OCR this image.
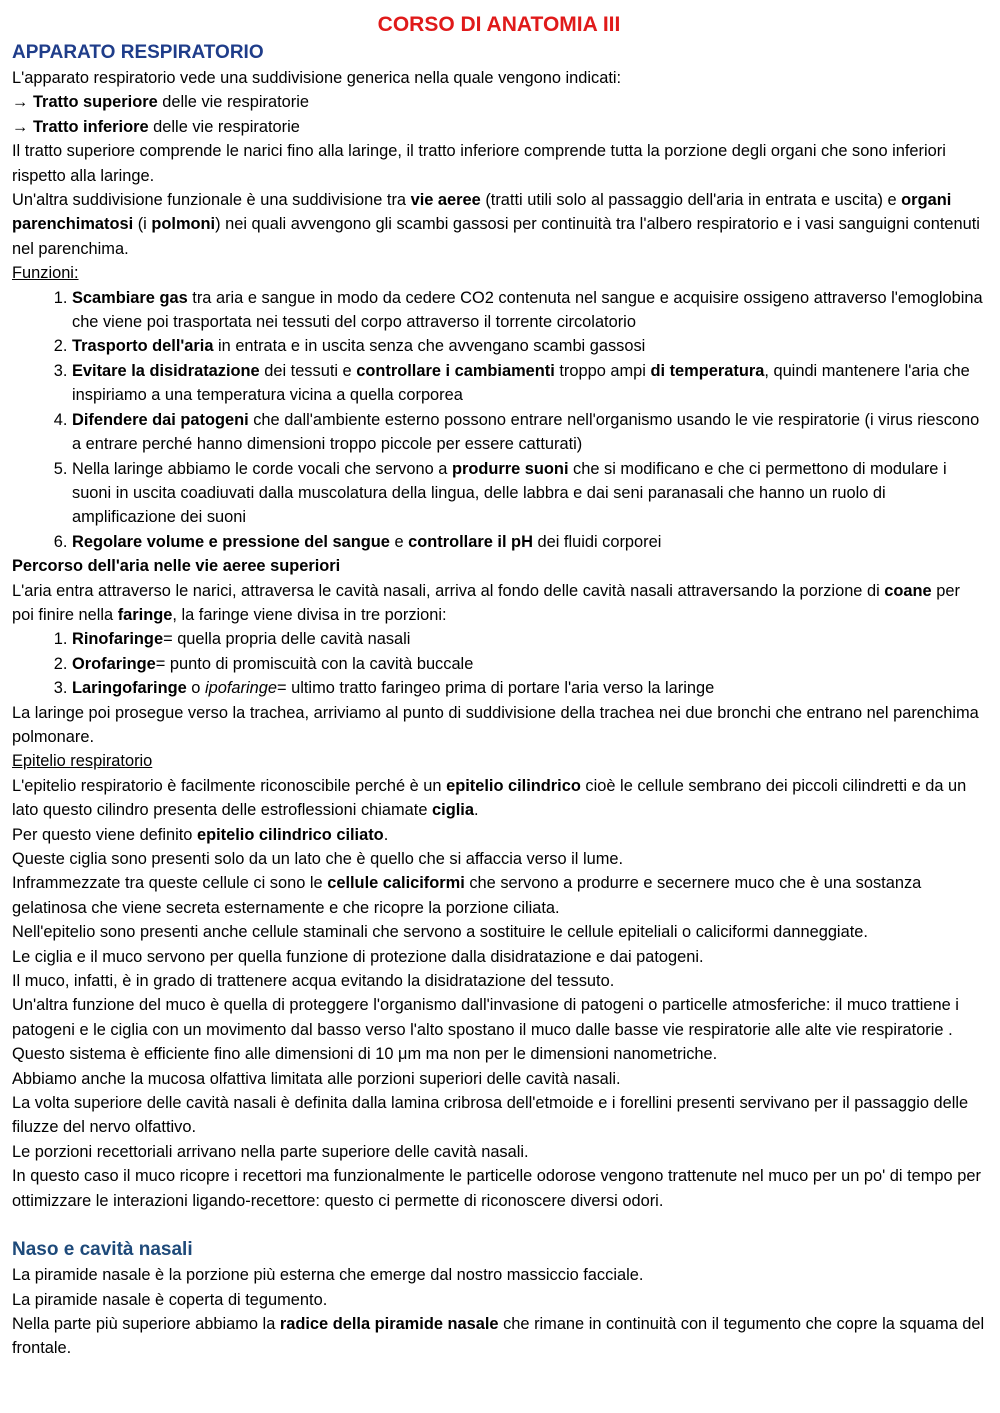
CORSO DI ANATOMIA III
APPARATO RESPIRATORIO

L'apparato respiratorio vede una suddivisione generica nella quale vengono indicati:

→ Tratto superiore delle vie respiratorie

→ Tratto inferiore delle vie respiratorie

Il tratto superiore comprende le narici fino alla laringe, il tratto inferiore comprende tutta la porzione degli organi che sono inferiori rispetto alla laringe.

Un'altra suddivisione funzionale è una suddivisione tra vie aeree (tratti utili solo al passaggio dell'aria in entrata e uscita) e organi parenchimatosi (i polmoni) nei quali avvengono gli scambi gassosi per continuità tra l'albero respiratorio e i vasi sanguigni contenuti nel parenchima.

Funzioni:

1. Scambiare gas tra aria e sangue in modo da cedere CO2 contenuta nel sangue e acquisire ossigeno attraverso l'emoglobina che viene poi trasportata nei tessuti del corpo attraverso il torrente circolatorio
2. Trasporto dell'aria in entrata e in uscita senza che avvengano scambi gassosi
3. Evitare la disidratazione dei tessuti e controllare i cambiamenti troppo ampi di temperatura, quindi mantenere l'aria che inspiriamo a una temperatura vicina a quella corporea
4. Difendere dai patogeni che dall'ambiente esterno possono entrare nell'organismo usando le vie respiratorie (i virus riescono a entrare perché hanno dimensioni troppo piccole per essere catturati)
5. Nella laringe abbiamo le corde vocali che servono a produrre suoni che si modificano e che ci permettono di modulare i suoni in uscita coadiuvati dalla muscolatura della lingua, delle labbra e dai seni paranasali che hanno un ruolo di amplificazione dei suoni
6. Regolare volume e pressione del sangue e controllare il pH dei fluidi corporei

Percorso dell'aria nelle vie aeree superiori

L'aria entra attraverso le narici, attraversa le cavità nasali, arriva al fondo delle cavità nasali attraversando la porzione di coane per poi finire nella faringe, la faringe viene divisa in tre porzioni:

1. Rinofaringe= quella propria delle cavità nasali
2. Orofaringe= punto di promiscuità con la cavità buccale
3. Laringofaringe o ipofaringe= ultimo tratto faringeo prima di portare l'aria verso la laringe

La laringe poi prosegue verso la trachea, arriviamo al punto di suddivisione della trachea nei due bronchi che entrano nel parenchima polmonare.

Epitelio respiratorio

L'epitelio respiratorio è facilmente riconoscibile perché è un epitelio cilindrico cioè le cellule sembrano dei piccoli cilindretti e da un lato questo cilindro presenta delle estroflessioni chiamate ciglia.

Per questo viene definito epitelio cilindrico ciliato.

Queste ciglia sono presenti solo da un lato che è quello che si affaccia verso il lume.

Inframmezzate tra queste cellule ci sono le cellule caliciformi che servono a produrre e secernere muco che è una sostanza gelatinosa che viene secreta esternamente e che ricopre la porzione ciliata.

Nell'epitelio sono presenti anche cellule staminali che servono a sostituire le cellule epiteliali o caliciformi danneggiate.

Le ciglia e il muco servono per quella funzione di protezione dalla disidratazione e dai patogeni.

Il muco, infatti, è in grado di trattenere acqua evitando la disidratazione del tessuto.

Un'altra funzione del muco è quella di proteggere l'organismo dall'invasione di patogeni o particelle atmosferiche: il muco trattiene i patogeni e le ciglia con un movimento dal basso verso l'alto spostano il muco dalle basse vie respiratorie alle alte vie respiratorie .

Questo sistema è efficiente fino alle dimensioni di 10 μm ma non per le dimensioni nanometriche.

Abbiamo anche la mucosa olfattiva limitata alle porzioni superiori delle cavità nasali.

La volta superiore delle cavità nasali è definita dalla lamina cribrosa dell'etmoide e i forellini presenti servivano per il passaggio delle filuzze del nervo olfattivo.

Le porzioni recettoriali arrivano nella parte superiore delle cavità nasali.

In questo caso il muco ricopre i recettori ma funzionalmente le particelle odorose vengono trattenute nel muco per un po' di tempo per ottimizzare le interazioni ligando-recettore: questo ci permette di riconoscere diversi odori.

Naso e cavità nasali

La piramide nasale è la porzione più esterna che emerge dal nostro massiccio facciale.

La piramide nasale è coperta di tegumento.

Nella parte più superiore abbiamo la radice della piramide nasale che rimane in continuità con il tegumento che copre la squama del frontale.
